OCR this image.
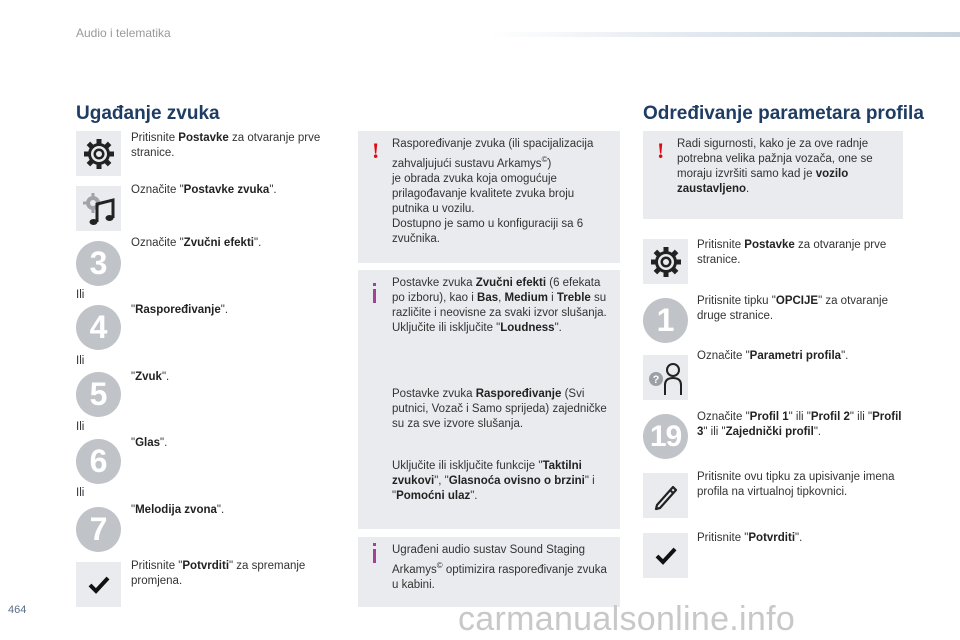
Audio i telematika
Ugađanje zvuka
Pritisnite Postavke za otvaranje prve stranice.
Označite "Postavke zvuka".
3
Označite "Zvučni efekti".
Ili
4	"Raspoređivanje".
Ili
5	"Zvuk".
Ili
6	"Glas".
Ili
7
"Melodija zvona".
Pritisnite "Potvrditi" za spremanje promjena.
! Raspoređivanje zvuka (ili spacijalizacija zahvaljujući sustavu Arkamys©)
je obrada zvuka koja omogućuje prilagođavanje kvalitete zvuka broju putnika u vozilu.
Dostupno je samo u konfiguraciji sa 6 zvučnika.
Postavke zvuka Zvučni efekti (6 efekata po izboru), kao i Bas, Medium i Treble su različite i neovisne za svaki izvor slušanja.
Uključite ili isključite "Loudness".
Postavke zvuka Raspoređivanje (Svi putnici, Vozač i Samo sprijeda) zajedničke su za sve izvore slušanja.
Uključite ili isključite funkcije "Taktilni zvukovi", "Glasnoća ovisno o brzini" i "Pomoćni ulaz".
Ugrađeni audio sustav Sound Staging Arkamys© optimizira raspoređivanje zvuka u kabini.
Određivanje parametara profila
! Radi sigurnosti, kako je za ove radnje potrebna velika pažnja vozača, one se moraju izvršiti samo kad je vozilo zaustavljeno.
Pritisnite Postavke za otvaranje prve stranice.
1
Pritisnite tipku "OPCIJE" za otvaranje druge stranice.
?
Označite "Parametri profila".
19
Označite "Profil 1" ili "Profil 2" ili "Profil 3" ili "Zajednički profil".
Pritisnite ovu tipku za upisivanje imena profila na virtualnoj tipkovnici.
Pritisnite "Potvrditi".
464	carmanualsonline.info
